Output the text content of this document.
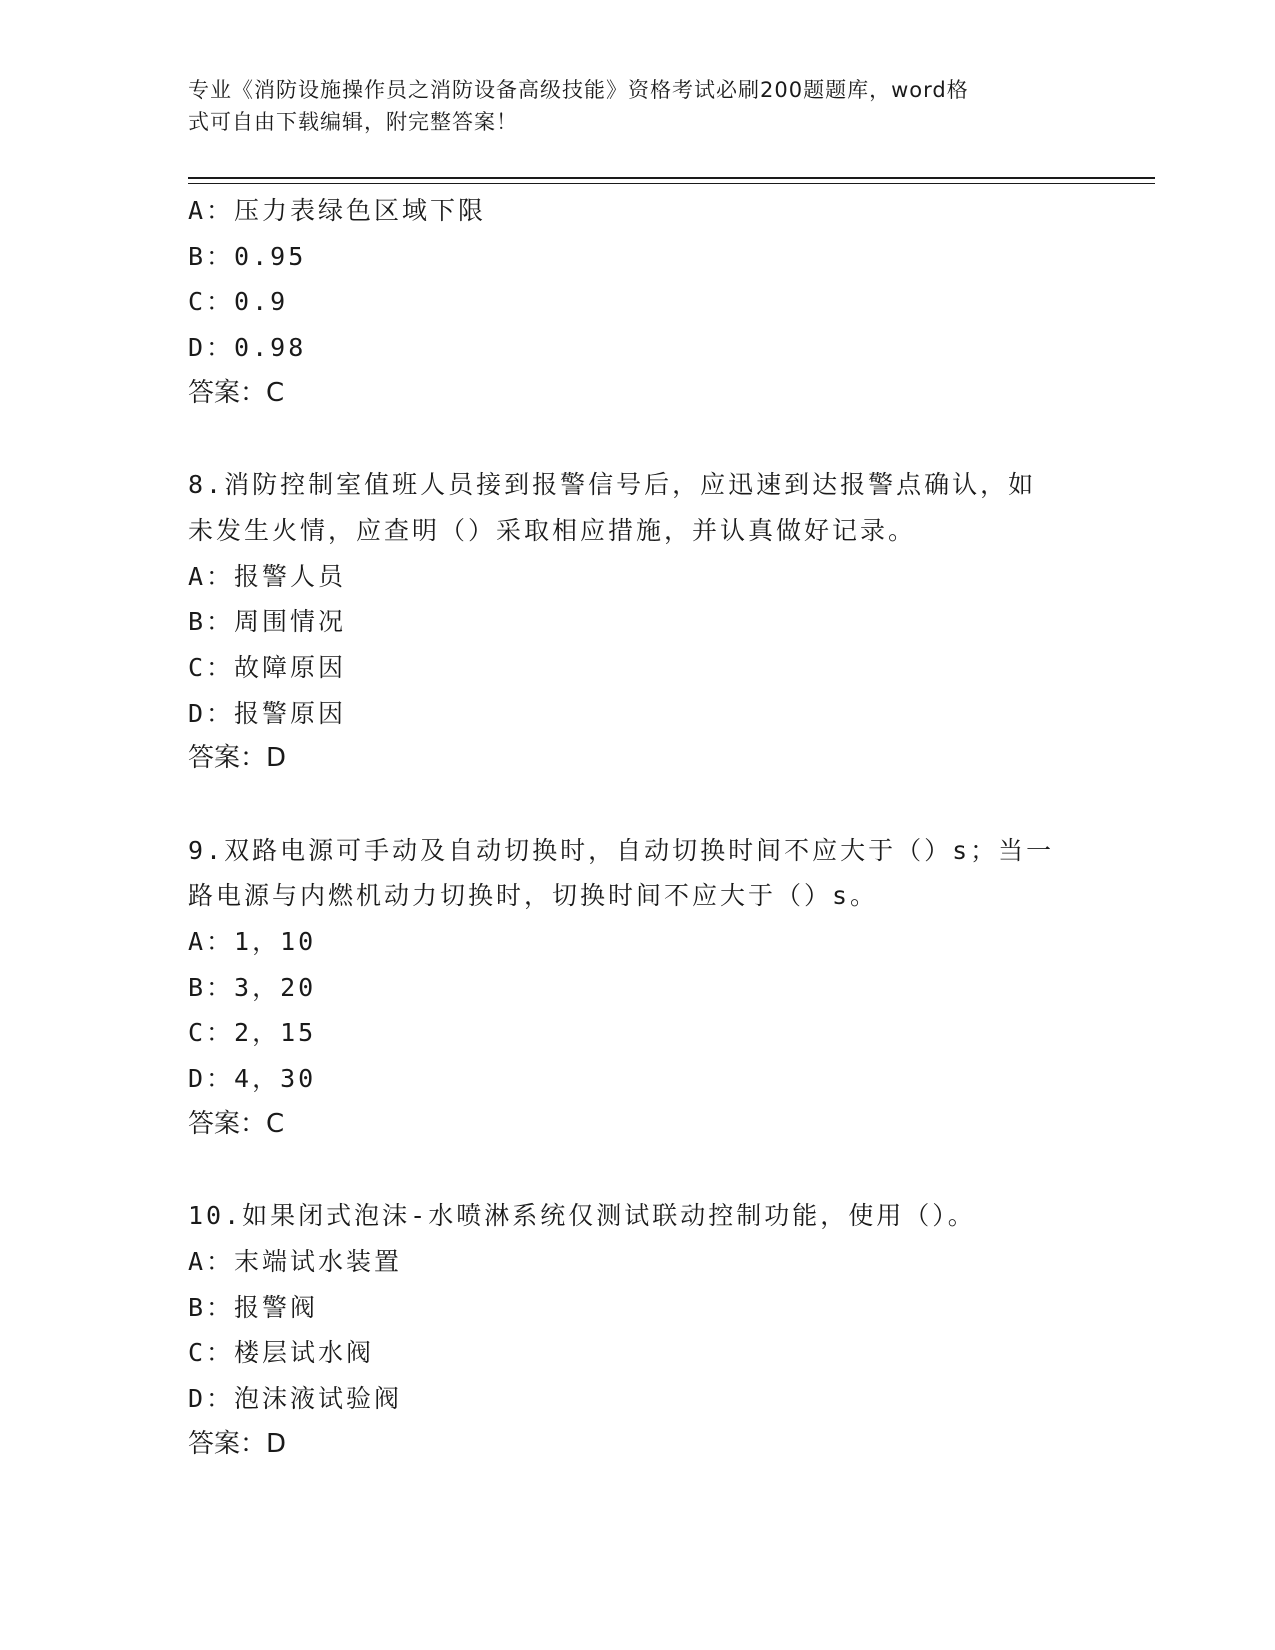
专业《消防设施操作员之消防设备高级技能》资格考试必刷200题题库，word格
式可自由下载编辑，附完整答案！
A：压力表绿色区域下限
B：0.95
C：0.9
D：0.98
答案：C
8.消防控制室值班人员接到报警信号后，应迅速到达报警点确认，如
未发生火情，应查明（）采取相应措施，并认真做好记录。
A：报警人员
B：周围情况
C：故障原因
D：报警原因
答案：D
9.双路电源可手动及自动切换时，自动切换时间不应大于（）s；当一
路电源与内燃机动力切换时，切换时间不应大于（）s。
A：1，10
B：3，20
C：2，15
D：4，30
答案：C
10.如果闭式泡沫-水喷淋系统仅测试联动控制功能，使用（）。
A：末端试水装置
B：报警阀
C：楼层试水阀
D：泡沫液试验阀
答案：D
